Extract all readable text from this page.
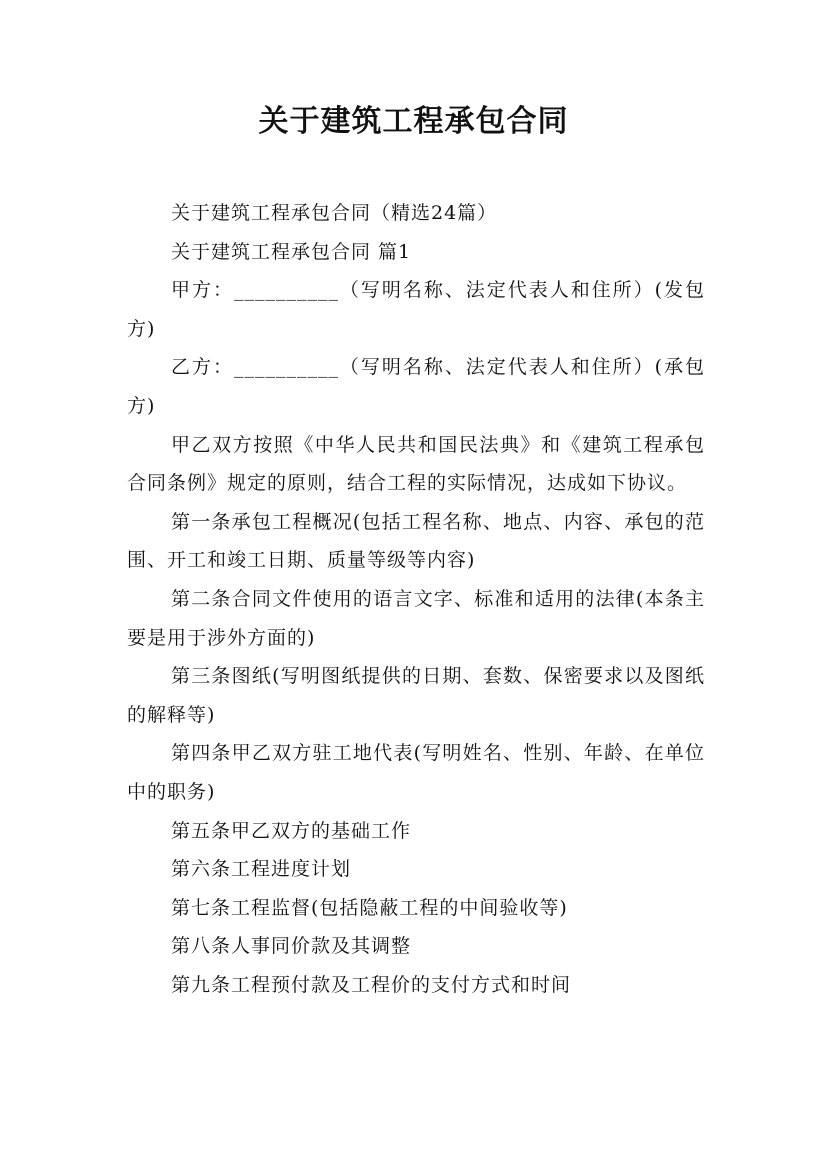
关于建筑工程承包合同

关于建筑工程承包合同（精选24篇）

关于建筑工程承包合同 篇1

甲方：__________（写明名称、法定代表人和住所）(发包方)

乙方：__________（写明名称、法定代表人和住所）(承包方)

甲乙双方按照《中华人民共和国民法典》和《建筑工程承包合同条例》规定的原则，结合工程的实际情况，达成如下协议。

第一条承包工程概况(包括工程名称、地点、内容、承包的范围、开工和竣工日期、质量等级等内容)

第二条合同文件使用的语言文字、标准和适用的法律(本条主要是用于涉外方面的)

第三条图纸(写明图纸提供的日期、套数、保密要求以及图纸的解释等)

第四条甲乙双方驻工地代表(写明姓名、性别、年龄、在单位中的职务)

第五条甲乙双方的基础工作

第六条工程进度计划

第七条工程监督(包括隐蔽工程的中间验收等)

第八条人事同价款及其调整

第九条工程预付款及工程价的支付方式和时间
